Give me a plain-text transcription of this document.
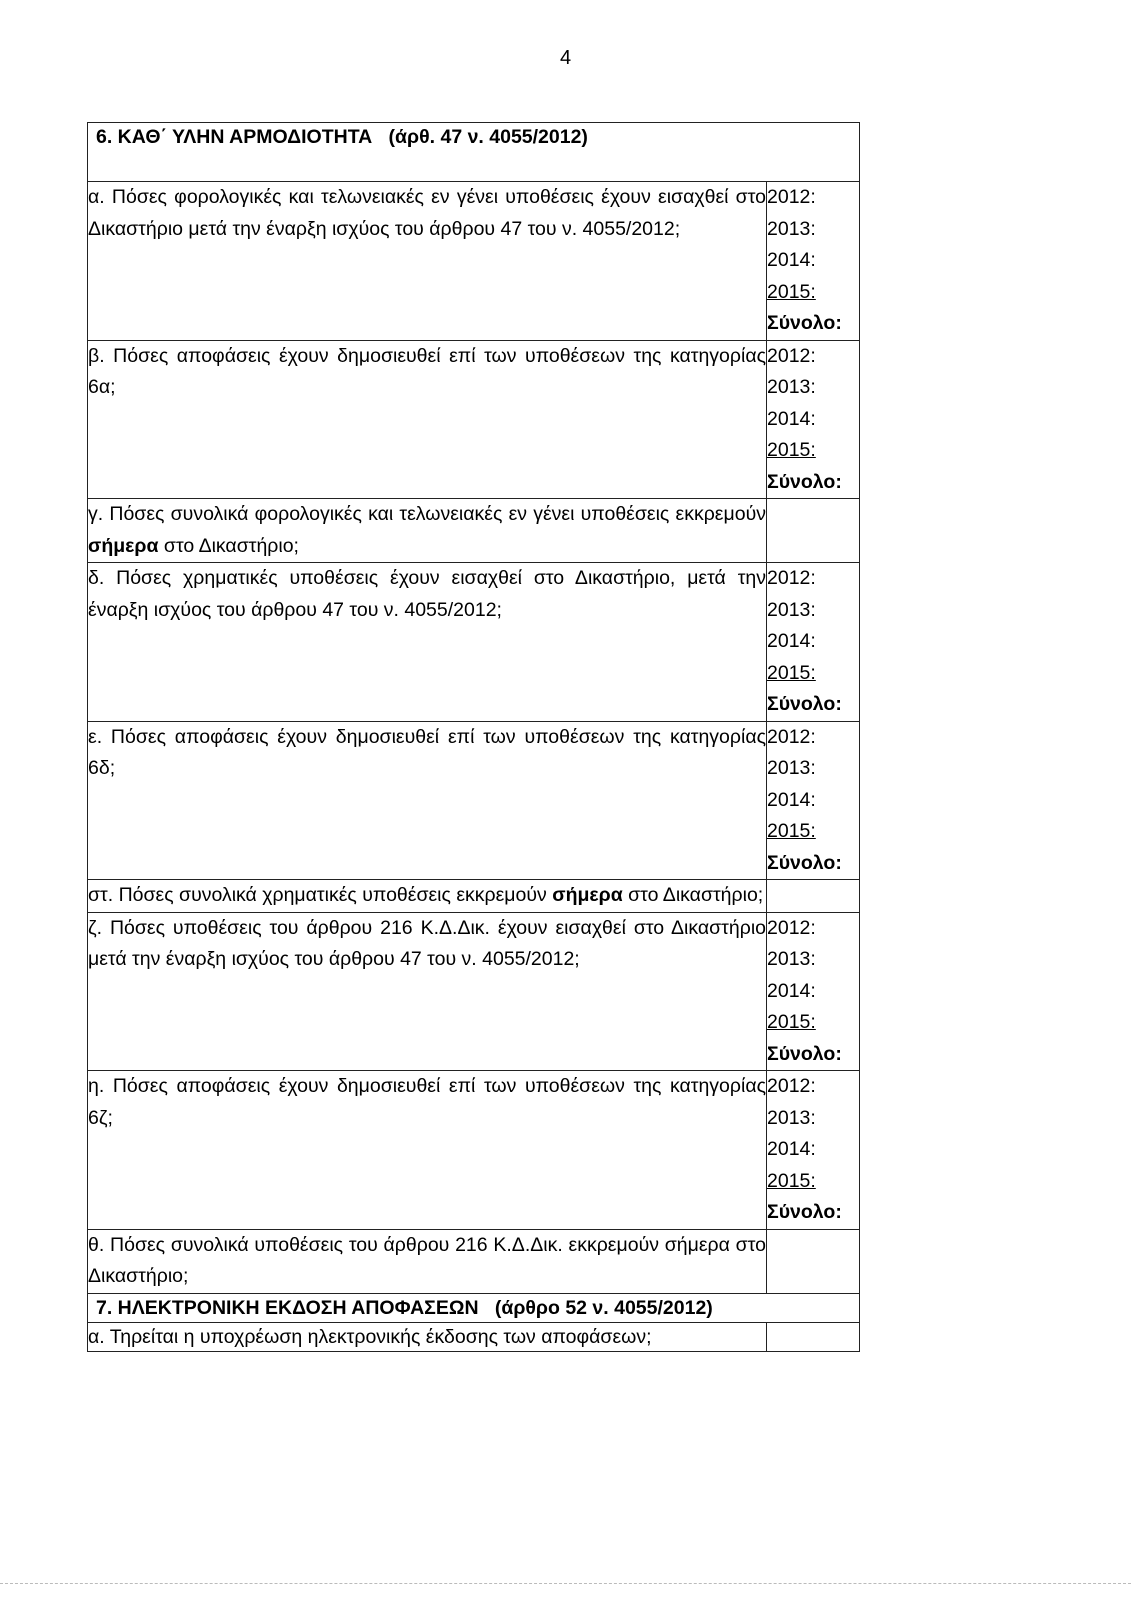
4
6. ΚΑΘ΄ ΥΛΗΝ ΑΡΜΟΔΙΟΤΗΤΑ (άρθ. 47 ν. 4055/2012)	
α. Πόσες φορολογικές και τελωνειακές εν γένει υποθέσεις έχουν εισαχθεί στο Δικαστήριο μετά την έναρξη ισχύος του άρθρου 47 του ν. 4055/2012;	2012:
2013:
2014:
2015:
Σύνολο:

β. Πόσες αποφάσεις έχουν δημοσιευθεί επί των υποθέσεων της κατηγορίας 6α;	2012:
2013:
2014:
2015:
Σύνολο:

γ. Πόσες συνολικά φορολογικές και τελωνειακές εν γένει υποθέσεις εκκρεμούν σήμερα στο Δικαστήριο;	
δ. Πόσες χρηματικές υποθέσεις έχουν εισαχθεί στο Δικαστήριο, μετά την έναρξη ισχύος του άρθρου 47 του ν. 4055/2012;	2012:
2013:
2014:
2015:
Σύνολο:

ε. Πόσες αποφάσεις έχουν δημοσιευθεί επί των υποθέσεων της κατηγορίας 6δ;	2012:
2013:
2014:
2015:
Σύνολο:

στ. Πόσες συνολικά χρηματικές υποθέσεις εκκρεμούν σήμερα στο Δικαστήριο;	
ζ. Πόσες υποθέσεις του άρθρου 216 Κ.Δ.Δικ. έχουν εισαχθεί στο Δικαστήριο μετά την έναρξη ισχύος του άρθρου 47 του ν. 4055/2012;	2012:
2013:
2014:
2015:
Σύνολο:

η. Πόσες αποφάσεις έχουν δημοσιευθεί επί των υποθέσεων της κατηγορίας 6ζ;	2012:
2013:
2014:
2015:
Σύνολο:

θ. Πόσες συνολικά υποθέσεις του άρθρου 216 Κ.Δ.Δικ. εκκρεμούν σήμερα στο Δικαστήριο;	
7. ΗΛΕΚΤΡΟΝΙΚΗ ΕΚΔΟΣΗ ΑΠΟΦΑΣΕΩΝ (άρθρο 52 ν. 4055/2012)	
α. Τηρείται η υποχρέωση ηλεκτρονικής έκδοσης των αποφάσεων;	
